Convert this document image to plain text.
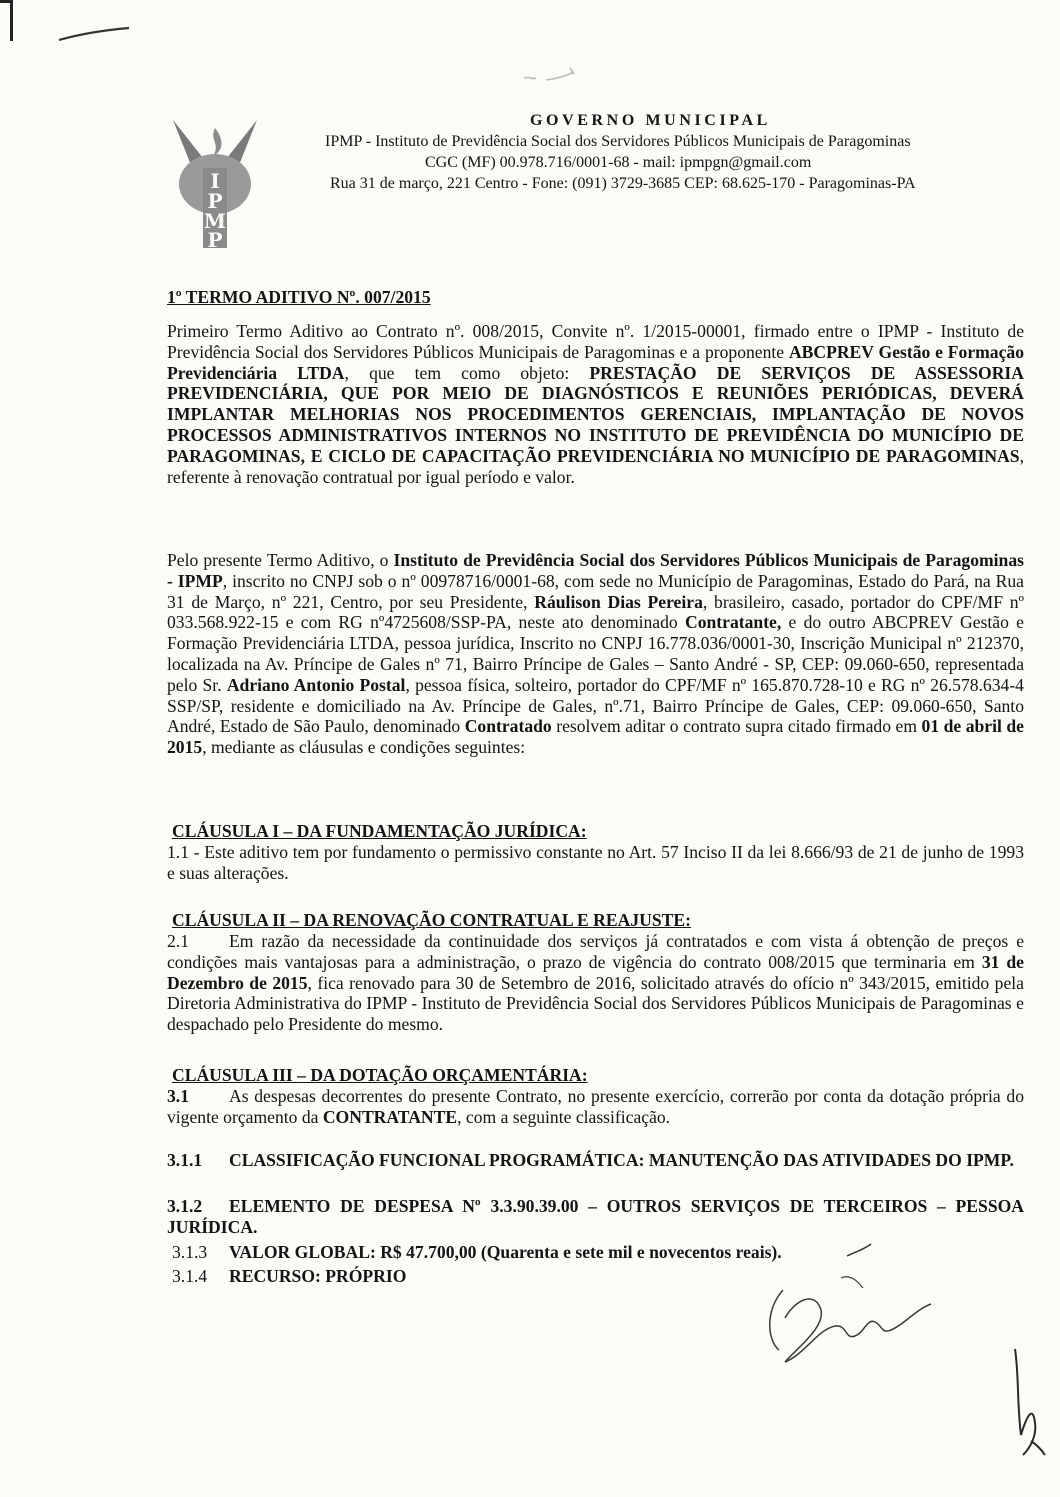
I
P
M
P
GOVERNO MUNICIPAL
IPMP - Instituto de Previdência Social dos Servidores Públicos Municipais de Paragominas
CGC (MF) 00.978.716/0001-68 - mail: ipmpgn@gmail.com
Rua 31 de março, 221 Centro - Fone: (091) 3729-3685 CEP: 68.625-170 - Paragominas-PA
1º TERMO ADITIVO Nº. 007/2015
Primeiro Termo Aditivo ao Contrato nº. 008/2015, Convite nº. 1/2015-00001, firmado entre o IPMP - Instituto de Previdência Social dos Servidores Públicos Municipais de Paragominas e a proponente ABCPREV Gestão e Formação Previdenciária LTDA, que tem como objeto: PRESTAÇÃO DE SERVIÇOS DE ASSESSORIA PREVIDENCIÁRIA, QUE POR MEIO DE DIAGNÓSTICOS E REUNIÕES PERIÓDICAS, DEVERÁ IMPLANTAR MELHORIAS NOS PROCEDIMENTOS GERENCIAIS, IMPLANTAÇÃO DE NOVOS PROCESSOS ADMINISTRATIVOS INTERNOS NO INSTITUTO DE PREVIDÊNCIA DO MUNICÍPIO DE PARAGOMINAS, E CICLO DE CAPACITAÇÃO PREVIDENCIÁRIA NO MUNICÍPIO DE PARAGOMINAS, referente à renovação contratual por igual período e valor.
Pelo presente Termo Aditivo, o Instituto de Previdência Social dos Servidores Públicos Municipais de Paragominas - IPMP, inscrito no CNPJ sob o nº 00978716/0001-68, com sede no Município de Paragominas, Estado do Pará, na Rua 31 de Março, nº 221, Centro, por seu Presidente, Ráulison Dias Pereira, brasileiro, casado, portador do CPF/MF nº 033.568.922-15 e com RG nº4725608/SSP-PA, neste ato denominado Contratante, e do outro ABCPREV Gestão e Formação Previdenciária LTDA, pessoa jurídica, Inscrito no CNPJ 16.778.036/0001-30, Inscrição Municipal nº 212370, localizada na Av. Príncipe de Gales nº 71, Bairro Príncipe de Gales – Santo André - SP, CEP: 09.060-650, representada pelo Sr. Adriano Antonio Postal, pessoa física, solteiro, portador do CPF/MF nº 165.870.728-10 e RG nº 26.578.634-4 SSP/SP, residente e domiciliado na Av. Príncipe de Gales, nº.71, Bairro Príncipe de Gales, CEP: 09.060-650, Santo André, Estado de São Paulo, denominado Contratado resolvem aditar o contrato supra citado firmado em 01 de abril de 2015, mediante as cláusulas e condições seguintes:
CLÁUSULA I – DA FUNDAMENTAÇÃO JURÍDICA:
1.1 - Este aditivo tem por fundamento o permissivo constante no Art. 57 Inciso II da lei 8.666/93 de 21 de junho de 1993 e suas alterações.
CLÁUSULA II – DA RENOVAÇÃO CONTRATUAL E REAJUSTE:
2.1 Em razão da necessidade da continuidade dos serviços já contratados e com vista á obtenção de preços e condições mais vantajosas para a administração, o prazo de vigência do contrato 008/2015 que terminaria em 31 de Dezembro de 2015, fica renovado para 30 de Setembro de 2016, solicitado através do ofício nº 343/2015, emitido pela Diretoria Administrativa do IPMP - Instituto de Previdência Social dos Servidores Públicos Municipais de Paragominas e despachado pelo Presidente do mesmo.
CLÁUSULA III – DA DOTAÇÃO ORÇAMENTÁRIA:
3.1 As despesas decorrentes do presente Contrato, no presente exercício, correrão por conta da dotação própria do vigente orçamento da CONTRATANTE, com a seguinte classificação.
3.1.1 CLASSIFICAÇÃO FUNCIONAL PROGRAMÁTICA: MANUTENÇÃO DAS ATIVIDADES DO IPMP.
3.1.2 ELEMENTO DE DESPESA Nº 3.3.90.39.00 – OUTROS SERVIÇOS DE TERCEIROS – PESSOA JURÍDICA.
3.1.3 VALOR GLOBAL: R$ 47.700,00 (Quarenta e sete mil e novecentos reais).
3.1.4 RECURSO: PRÓPRIO
